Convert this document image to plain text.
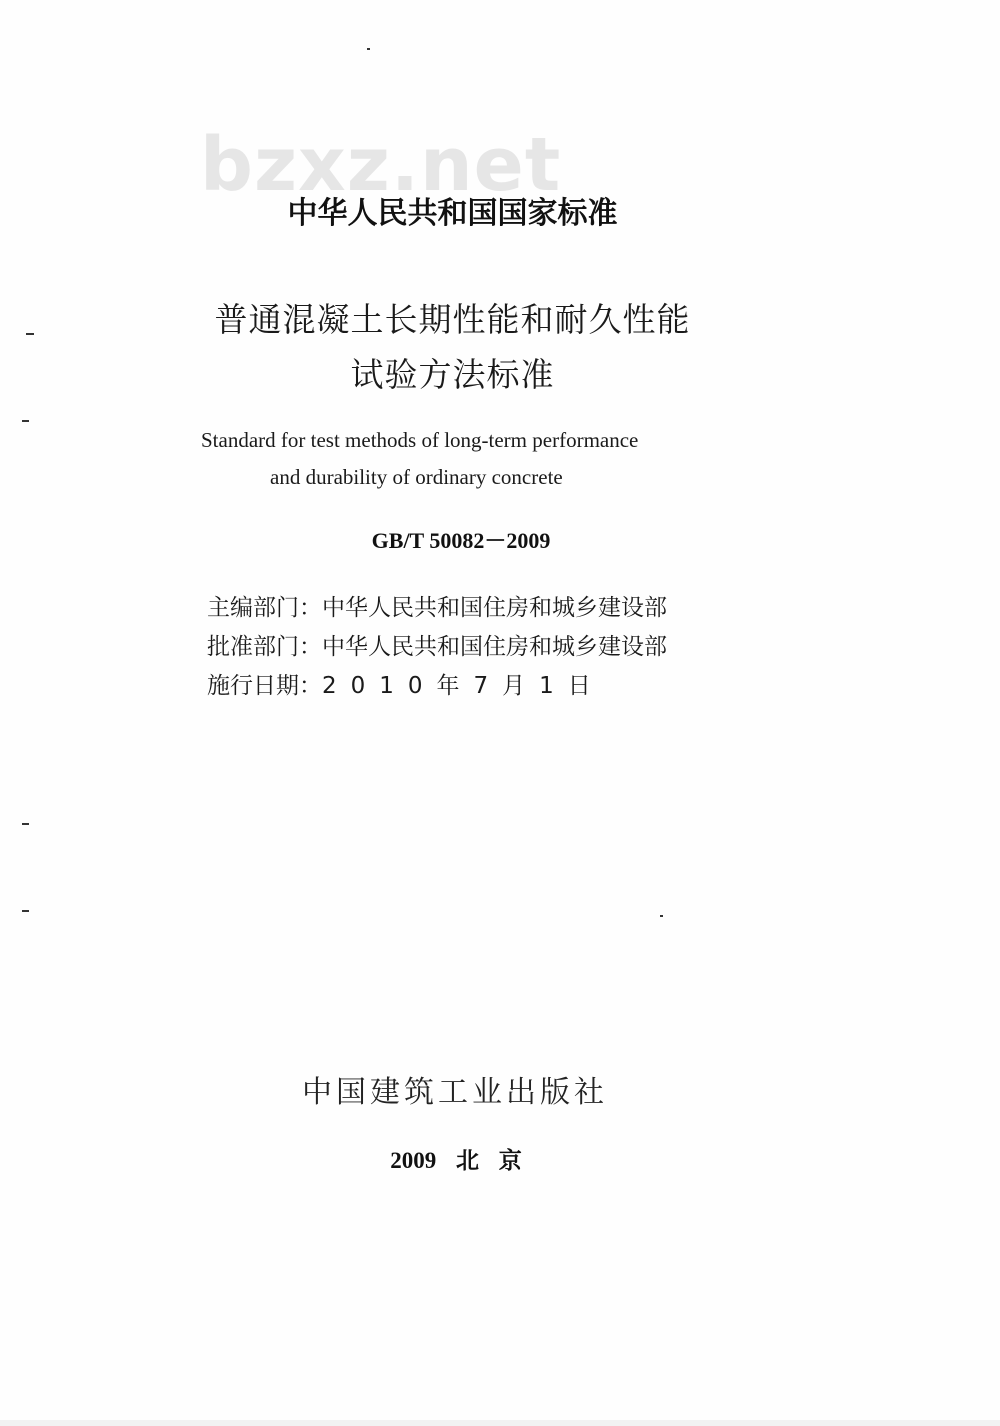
bzxz.net
中华人民共和国国家标准
普通混凝土长期性能和耐久性能
试验方法标准
Standard for test methods of long-term performance
and durability of ordinary concrete
GB/T 50082－2009
主编部门：中华人民共和国住房和城乡建设部
批准部门：中华人民共和国住房和城乡建设部
施行日期：2010年7月1日
中国建筑工业出版社
2009 北 京
